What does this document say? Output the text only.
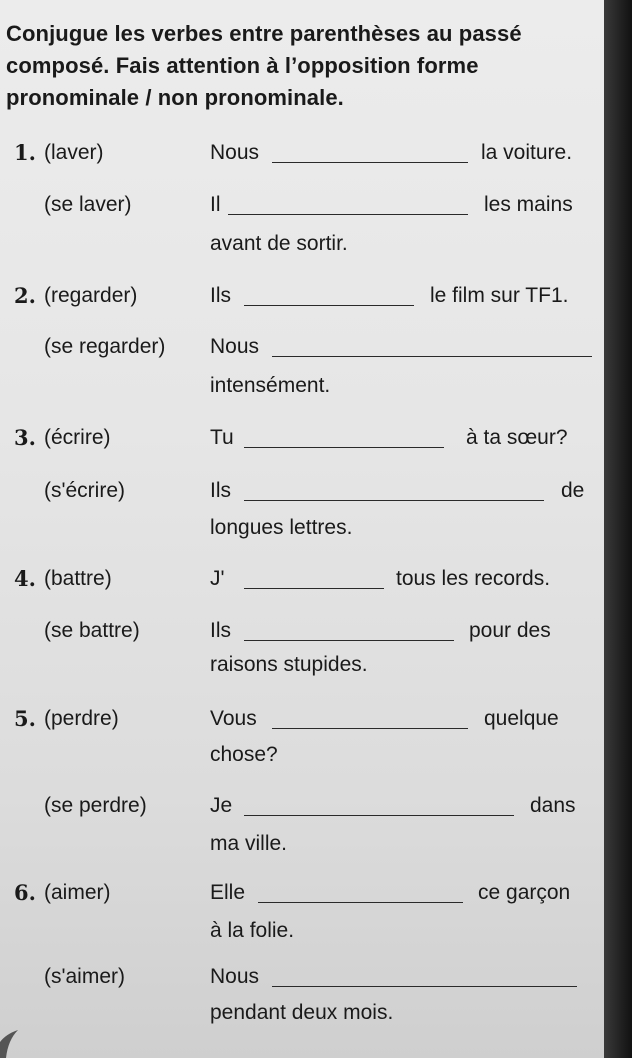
Conjugue les verbes entre parenthèses au passé composé. Fais attention à l’opposition forme pronominale / non pronominale.
1. (laver)	Nous	la voiture.
(se laver)	Il	les mains
avant de sortir.
2. (regarder)	Ils	le film sur TF1.
(se regarder) Nous
intensément.
3. (écrire)	Tu	à ta sœur?
(s'écrire)	Ils	de
longues lettres.
4. (battre)	J'	tous les records.
(se battre)	Ils	pour des
raisons stupides.
5. (perdre)	Vous	quelque
chose?
(se perdre)	Je	dans
ma ville.
6. (aimer)	Elle	ce garçon
à la folie.
(s'aimer)	Nous
pendant deux mois.
